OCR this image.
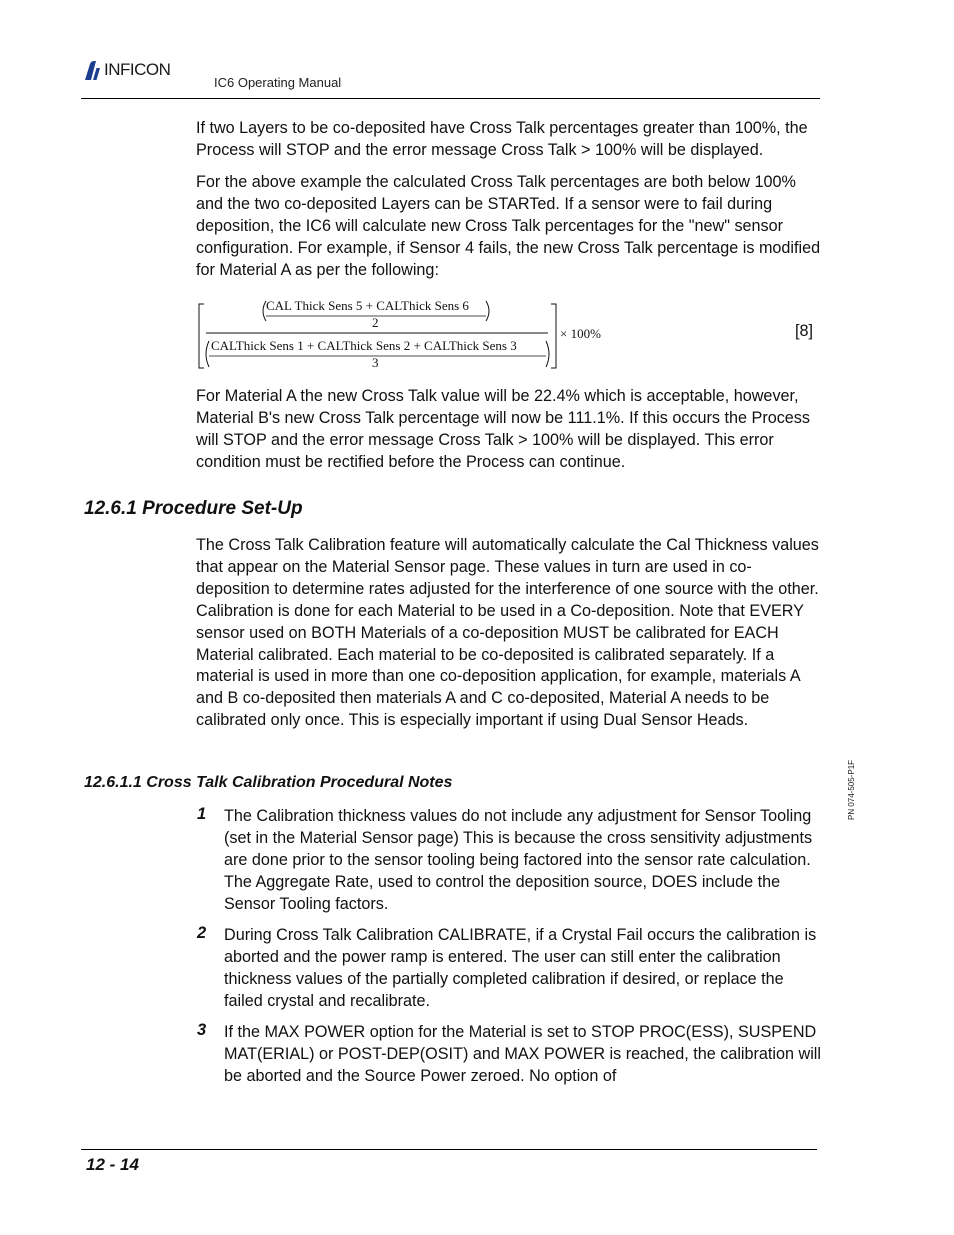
INFICON
IC6 Operating Manual

If two Layers to be co-deposited have Cross Talk percentages greater than 100%, the Process will STOP and the error message Cross Talk > 100% will be displayed.

For the above example the calculated Cross Talk percentages are both below 100% and the two co-deposited Layers can be STARTed. If a sensor were to fail during deposition, the IC6 will calculate new Cross Talk percentages for the "new" sensor configuration. For example, if Sensor 4 fails, the new Cross Talk percentage is modified for Material A as per the following:

CAL Thick Sens 5 + CALThick Sens 6
2
CALThick Sens 1 + CALThick Sens 2 + CALThick Sens 3
3
× 100%	[8]

For Material A the new Cross Talk value will be 22.4% which is acceptable, however, Material B's new Cross Talk percentage will now be 111.1%. If this occurs the Process will STOP and the error message Cross Talk > 100% will be displayed. This error condition must be rectified before the Process can continue.

12.6.1 Procedure Set-Up

The Cross Talk Calibration feature will automatically calculate the Cal Thickness values that appear on the Material Sensor page. These values in turn are used in co-deposition to determine rates adjusted for the interference of one source with the other. Calibration is done for each Material to be used in a Co-deposition. Note that EVERY sensor used on BOTH Materials of a co-deposition MUST be calibrated for EACH Material calibrated. Each material to be co-deposited is calibrated separately. If a material is used in more than one co-deposition application, for example, materials A and B co-deposited then materials A and C co-deposited, Material A needs to be calibrated only once. This is especially important if using Dual Sensor Heads.

12.6.1.1 Cross Talk Calibration Procedural Notes
1 The Calibration thickness values do not include any adjustment for Sensor Tooling (set in the Material Sensor page) This is because the cross sensitivity adjustments are done prior to the sensor tooling being factored into the sensor rate calculation. The Aggregate Rate, used to control the deposition source, DOES include the Sensor Tooling factors.

2 During Cross Talk Calibration CALIBRATE, if a Crystal Fail occurs the calibration is aborted and the power ramp is entered. The user can still enter the calibration thickness values of the partially completed calibration if desired, or replace the failed crystal and recalibrate.

3 If the MAX POWER option for the Material is set to STOP PROC(ESS), SUSPEND MAT(ERIAL) or POST-DEP(OSIT) and MAX POWER is reached, the calibration will be aborted and the Source Power zeroed. No option of

PN 074-505-P1F
12 - 14
